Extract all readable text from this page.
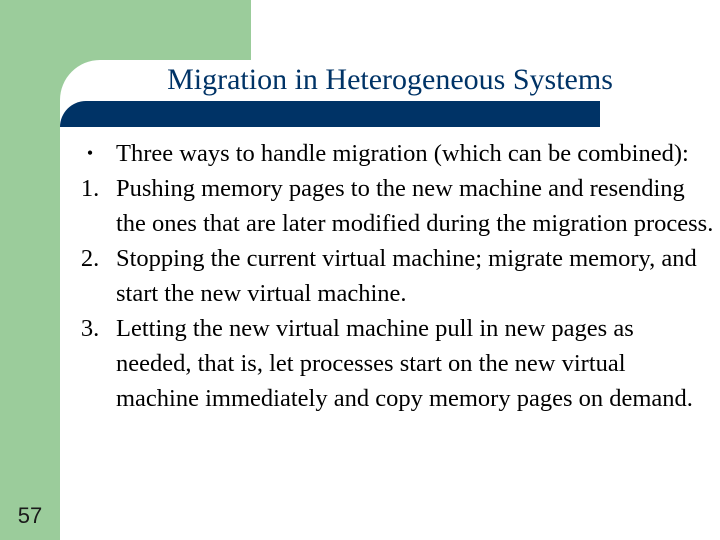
Migration in Heterogeneous Systems
• Three ways to handle migration (which can be combined):
1. Pushing memory pages to the new machine and resending the ones that are later modified during the migration process.
2. Stopping the current virtual machine; migrate memory, and start the new virtual machine.
3. Letting the new virtual machine pull in new pages as needed, that is, let processes start on the new virtual machine immediately and copy memory pages on demand.
57
